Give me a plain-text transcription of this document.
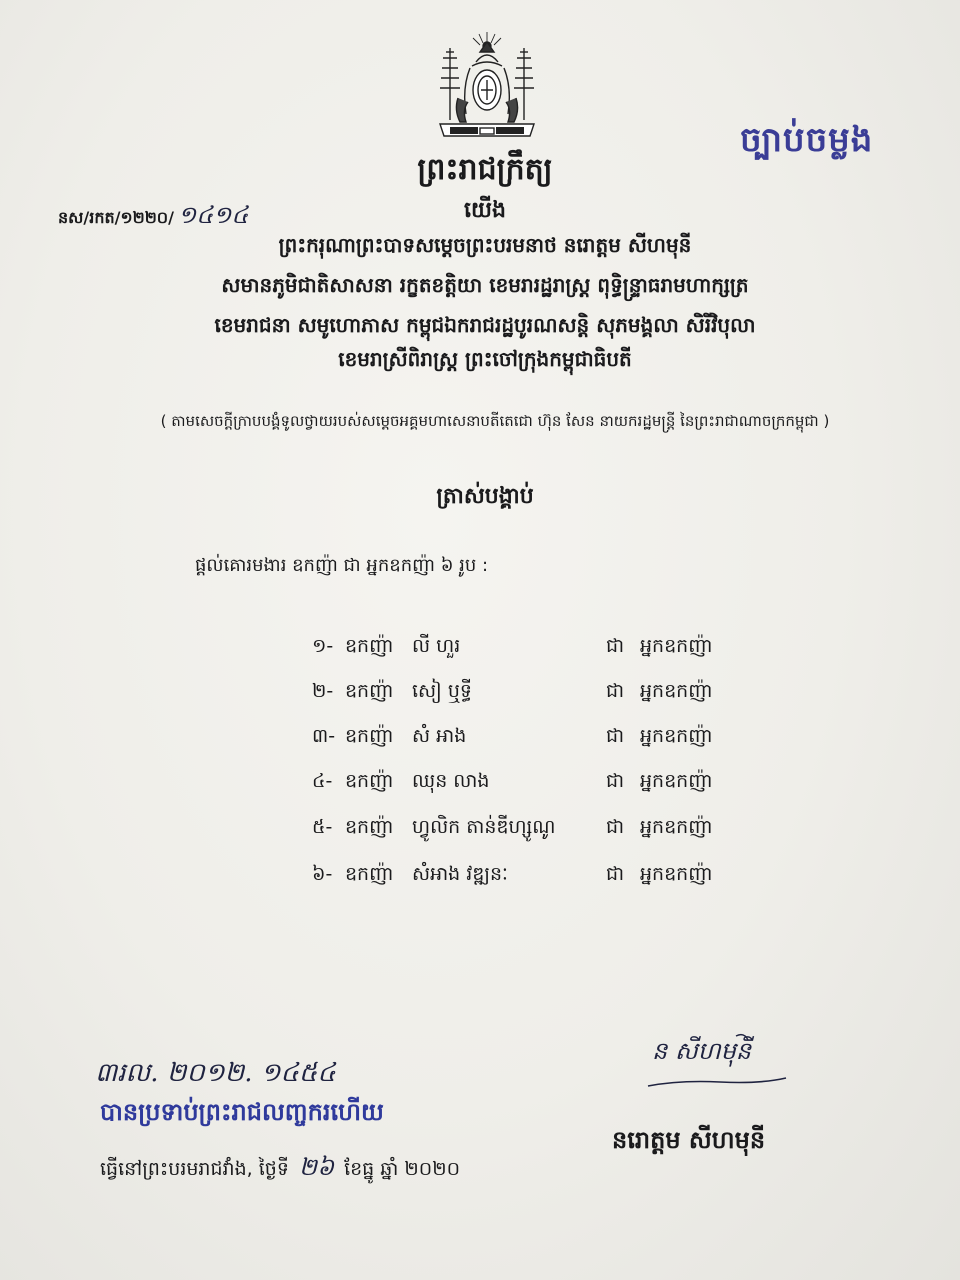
ច្បាប់ចម្លង
ព្រះរាជក្រឹត្យ
នស/រកត/១២២០/ ១៤១៤	យើង
ព្រះករុណាព្រះបាទសម្តេចព្រះបរមនាថ នរោត្តម សីហមុនី
សមានភូមិជាតិសាសនា រក្ខតខត្តិយា ខេមរារដ្ឋរាស្ត្រ ពុទ្ធិន្ទ្រាធរាមហាក្សត្រ
ខេមរាជនា សមូហោភាស កម្ពុជឯករាជរដ្ឋបូរណសន្តិ សុភមង្គលា សិរីវិបុលា
ខេមរាស្រីពិរាស្ត្រ ព្រះចៅក្រុងកម្ពុជាធិបតី
( តាមសេចក្តីក្រាបបង្គំទូលថ្វាយរបស់សម្តេចអគ្គមហាសេនាបតីតេជោ ហ៊ុន សែន នាយករដ្ឋមន្ត្រី នៃព្រះរាជាណាចក្រកម្ពុជា )
ត្រាស់បង្គាប់
ផ្តល់គោរមងារ ឧកញ៉ា ជា អ្នកឧកញ៉ា ៦ រូប :
១- ឧកញ៉ា លី ហួរ	ជា អ្នកឧកញ៉ា
២- ឧកញ៉ា សៀ ឬទ្ធី	ជា អ្នកឧកញ៉ា
៣- ឧកញ៉ា សំ អាង	ជា អ្នកឧកញ៉ា
៤- ឧកញ៉ា ឈុន លាង	ជា អ្នកឧកញ៉ា
៥- ឧកញ៉ា ហ្វូលិក តាន់ឌីហ្សូណូ	ជា អ្នកឧកញ៉ា
៦- ឧកញ៉ា សំអាង វឌ្ឍនៈ	ជា អ្នកឧកញ៉ា
៣រល. ២០១២. ១៤៥៤
បានប្រទាប់ព្រះរាជលញ្ចករហើយ
ធ្វើនៅព្រះបរមរាជវាំង, ថ្ងៃទី ២៦ ខែធ្នូ ឆ្នាំ ២០២០
ន សីហមុនី
នរោត្តម សីហមុនី
